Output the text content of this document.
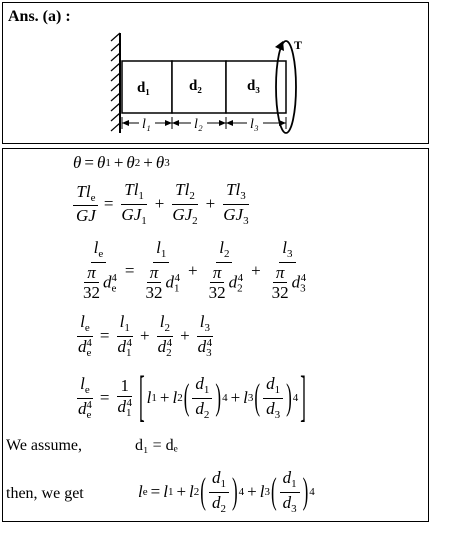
Ans. (a) :
d₁	d₂	d₃
l₁	l₂	l₃
T
θ = θ 1 + θ 2 + θ 3
$\frac{Tl_e}{GJ} = \frac{Tl_1}{GJ_1} + \frac{Tl_2}{GJ_2} + \frac{Tl_3}{GJ_3}$
$\frac{l_e}{\frac{\pi}{32} d_e^4} = \frac{l_1}{\frac{\pi}{32} d_1^4} + \frac{l_2}{\frac{\pi}{32} d_2^4} + \frac{l_3}{\frac{\pi}{32} d_3^4}$
$\frac{l_e}{d_e^4} = \frac{l_1}{d_1^4} + \frac{l_2}{d_2^4} + \frac{l_3}{d_3^4}$
$\frac{l_e}{d_e^4} = \frac{1}{d_1^4}$ [ l 1 + l 2 ( $\frac{d_1}{d_2}$ ) 4 + l 3 ( $\frac{d_1}{d_3}$ ) 4 ]
We assume,	d₁ = dₑ
then, we get	l e = l 1 + l 2 ( $\frac{d_1}{d_2}$ ) 4 + l 3 ( $\frac{d_1}{d_3}$ ) 4
